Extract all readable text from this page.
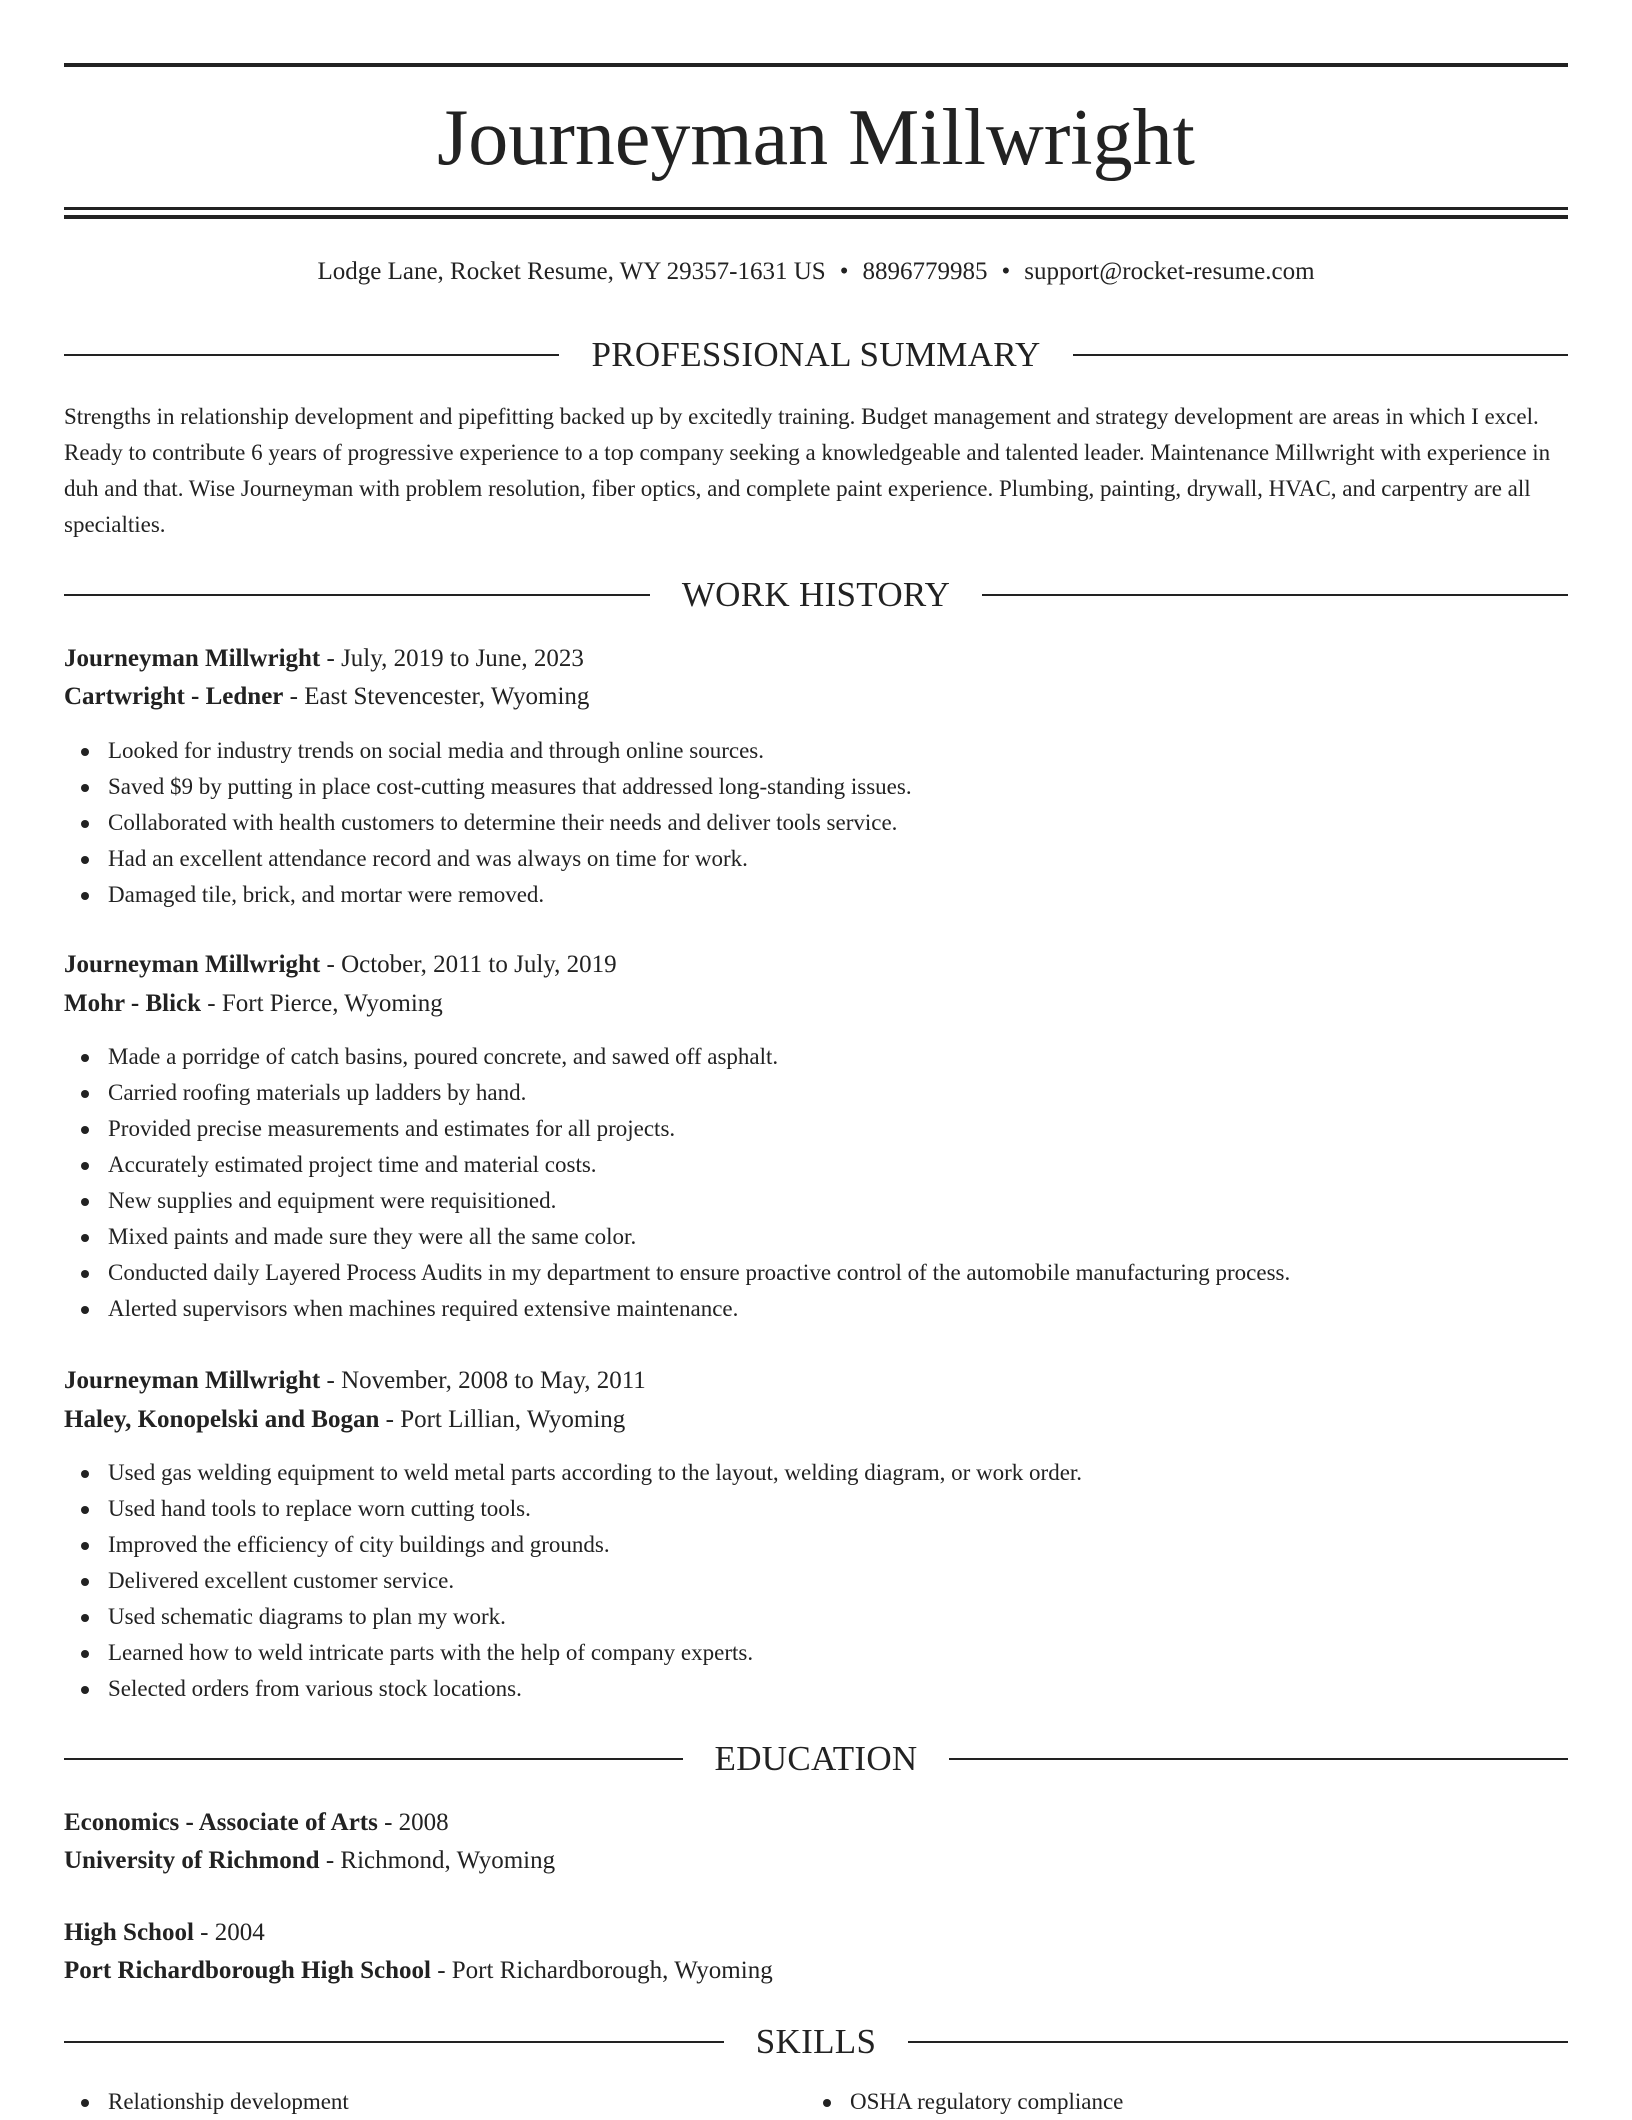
Journeyman Millwright
Lodge Lane, Rocket Resume, WY 29357-1631 US • 8896779985 • support@rocket-resume.com
PROFESSIONAL SUMMARY

Strengths in relationship development and pipefitting backed up by excitedly training. Budget management and strategy development are areas in which I excel. Ready to contribute 6 years of progressive experience to a top company seeking a knowledgeable and talented leader. Maintenance Millwright with experience in duh and that. Wise Journeyman with problem resolution, fiber optics, and complete paint experience. Plumbing, painting, drywall, HVAC, and carpentry are all specialties.

WORK HISTORY
Journeyman Millwright - July, 2019 to June, 2023
Cartwright - Ledner - East Stevencester, Wyoming
Looked for industry trends on social media and through online sources.
Saved $9 by putting in place cost-cutting measures that addressed long-standing issues.
Collaborated with health customers to determine their needs and deliver tools service.
Had an excellent attendance record and was always on time for work.
Damaged tile, brick, and mortar were removed.
Journeyman Millwright - October, 2011 to July, 2019
Mohr - Blick - Fort Pierce, Wyoming
Made a porridge of catch basins, poured concrete, and sawed off asphalt.
Carried roofing materials up ladders by hand.
Provided precise measurements and estimates for all projects.
Accurately estimated project time and material costs.
New supplies and equipment were requisitioned.
Mixed paints and made sure they were all the same color.
Conducted daily Layered Process Audits in my department to ensure proactive control of the automobile manufacturing process.
Alerted supervisors when machines required extensive maintenance.
Journeyman Millwright - November, 2008 to May, 2011
Haley, Konopelski and Bogan - Port Lillian, Wyoming
Used gas welding equipment to weld metal parts according to the layout, welding diagram, or work order.
Used hand tools to replace worn cutting tools.
Improved the efficiency of city buildings and grounds.
Delivered excellent customer service.
Used schematic diagrams to plan my work.
Learned how to weld intricate parts with the help of company experts.
Selected orders from various stock locations.
EDUCATION
Economics - Associate of Arts - 2008
University of Richmond - Richmond, Wyoming
High School - 2004
Port Richardborough High School - Port Richardborough, Wyoming
SKILLS
Relationship development	OSHA regulatory compliance
